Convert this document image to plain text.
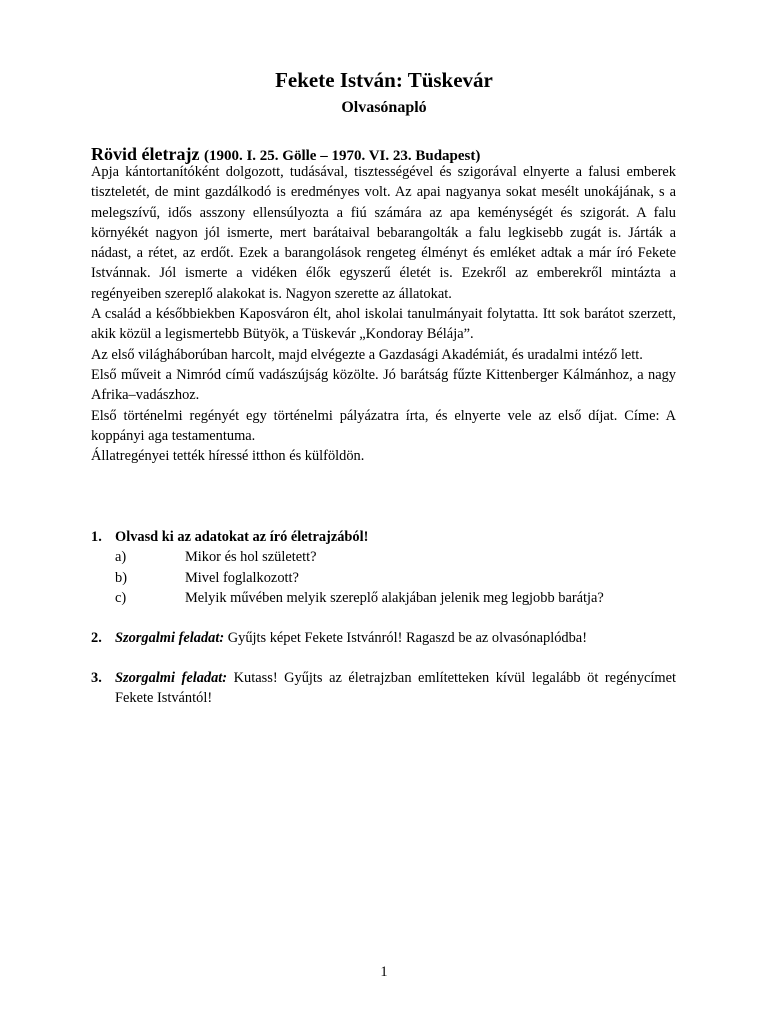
Fekete István: Tüskevár
Olvasónapló
Rövid életrajz (1900. I. 25. Gölle – 1970. VI. 23. Budapest)

Apja kántortanítóként dolgozott, tudásával, tisztességével és szigorával elnyerte a falusi emberek tiszteletét, de mint gazdálkodó is eredményes volt. Az apai nagyanya sokat mesélt unokájának, s a melegszívű, idős asszony ellensúlyozta a fiú számára az apa keménységét és szigorát. A falu környékét nagyon jól ismerte, mert barátaival bebarangolták a falu legkisebb zugát is. Járták a nádast, a rétet, az erdőt. Ezek a barangolások rengeteg élményt és emléket adtak a már író Fekete Istvánnak. Jól ismerte a vidéken élők egyszerű életét is. Ezekről az emberekről mintázta a regényeiben szereplő alakokat is. Nagyon szerette az állatokat.

A család a későbbiekben Kaposváron élt, ahol iskolai tanulmányait folytatta. Itt sok barátot szerzett, akik közül a legismertebb Bütyök, a Tüskevár „Kondoray Bélája”.

Az első világháborúban harcolt, majd elvégezte a Gazdasági Akadémiát, és uradalmi intéző lett.

Első műveit a Nimród című vadászújság közölte. Jó barátság fűzte Kittenberger Kálmánhoz, a nagy Afrika–vadászhoz.

Első történelmi regényét egy történelmi pályázatra írta, és elnyerte vele az első díjat. Címe: A koppányi aga testamentuma.

Állatregényei tették híressé itthon és külföldön.

1. Olvasd ki az adatokat az író életrajzából!
a)	Mikor és hol született?
b)	Mivel foglalkozott?
c)	Melyik művében melyik szereplő alakjában jelenik meg legjobb barátja?
2. Szorgalmi feladat: Gyűjts képet Fekete Istvánról! Ragaszd be az olvasónaplódba!
3. Szorgalmi feladat: Kutass! Gyűjts az életrajzban említetteken kívül legalább öt regénycímet Fekete Istvántól!
1
